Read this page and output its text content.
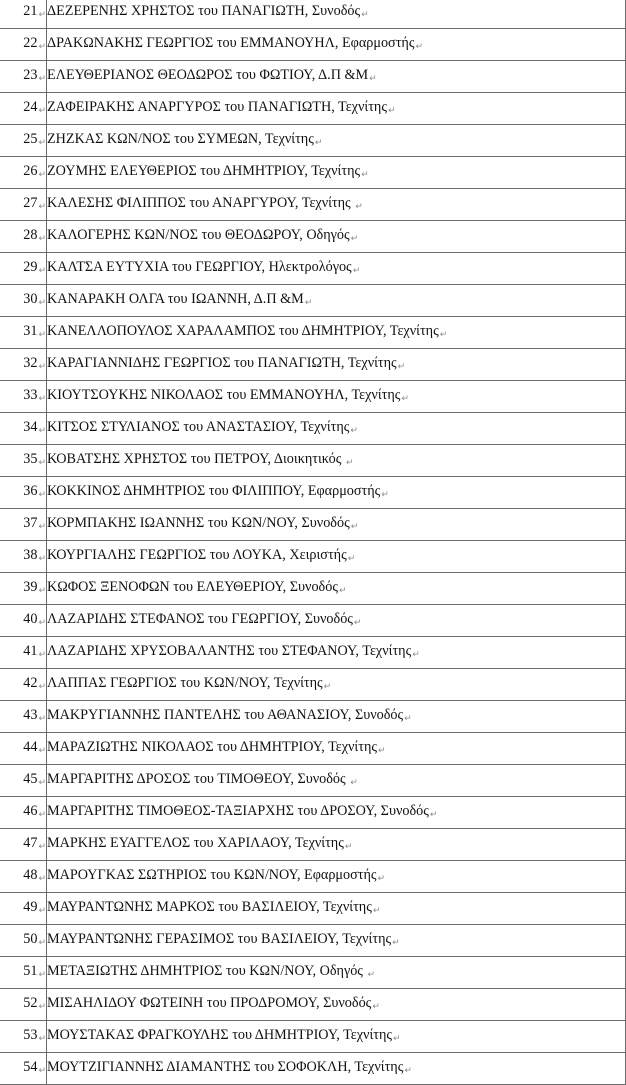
21↵	ΔΕΖΕΡΕΝΗΣ ΧΡΗΣΤΟΣ του ΠΑΝΑΓΙΩΤΗ, Συνοδός↵
22↵	ΔΡΑΚΩΝΑΚΗΣ ΓΕΩΡΓΙΟΣ του ΕΜΜΑΝΟΥΗΛ, Εφαρμοστής↵
23↵	ΕΛΕΥΘΕΡΙΑΝΟΣ ΘΕΟΔΩΡΟΣ του ΦΩΤΙΟΥ, Δ.Π &Μ↵
24↵	ΖΑΦΕΙΡΑΚΗΣ ΑΝΑΡΓΥΡΟΣ του ΠΑΝΑΓΙΩΤΗ, Τεχνίτης↵
25↵	ΖΗΖΚΑΣ ΚΩΝ/ΝΟΣ του ΣΥΜΕΩΝ, Τεχνίτης↵
26↵	ΖΟΥΜΗΣ ΕΛΕΥΘΕΡΙΟΣ του ΔΗΜΗΤΡΙΟΥ, Τεχνίτης↵
27↵	ΚΑΛΕΣΗΣ ΦΙΛΙΠΠΟΣ του ΑΝΑΡΓΥΡΟΥ, Τεχνίτης ↵
28↵	ΚΑΛΟΓΕΡΗΣ ΚΩΝ/ΝΟΣ του ΘΕΟΔΩΡΟΥ, Οδηγός↵
29↵	ΚΑΛΤΣΑ ΕΥΤΥΧΙΑ του ΓΕΩΡΓΙΟΥ, Ηλεκτρολόγος↵
30↵	ΚΑΝΑΡΑΚΗ ΟΛΓΑ του ΙΩΑΝΝΗ, Δ.Π &Μ↵
31↵	ΚΑΝΕΛΛΟΠΟΥΛΟΣ ΧΑΡΑΛΑΜΠΟΣ του ΔΗΜΗΤΡΙΟΥ, Τεχνίτης↵
32↵	ΚΑΡΑΓΙΑΝΝΙΔΗΣ ΓΕΩΡΓΙΟΣ του ΠΑΝΑΓΙΩΤΗ, Τεχνίτης↵
33↵	ΚΙΟΥΤΣΟΥΚΗΣ ΝΙΚΟΛΑΟΣ του ΕΜΜΑΝΟΥΗΛ, Τεχνίτης↵
34↵	ΚΙΤΣΟΣ ΣΤΥΛΙΑΝΟΣ του ΑΝΑΣΤΑΣΙΟΥ, Τεχνίτης↵
35↵	ΚΟΒΑΤΣΗΣ ΧΡΗΣΤΟΣ του ΠΕΤΡΟΥ, Διοικητικός ↵
36↵	ΚΟΚΚΙΝΟΣ ΔΗΜΗΤΡΙΟΣ του ΦΙΛΙΠΠΟΥ, Εφαρμοστής↵
37↵	ΚΟΡΜΠΑΚΗΣ ΙΩΑΝΝΗΣ του ΚΩΝ/ΝΟΥ, Συνοδός↵
38↵	ΚΟΥΡΓΙΑΛΗΣ ΓΕΩΡΓΙΟΣ του ΛΟΥΚΑ, Χειριστής↵
39↵	ΚΩΦΟΣ ΞΕΝΟΦΩΝ του ΕΛΕΥΘΕΡΙΟΥ, Συνοδός↵
40↵	ΛΑΖΑΡΙΔΗΣ ΣΤΕΦΑΝΟΣ του ΓΕΩΡΓΙΟΥ, Συνοδός↵
41↵	ΛΑΖΑΡΙΔΗΣ ΧΡΥΣΟΒΑΛΑΝΤΗΣ του ΣΤΕΦΑΝΟΥ, Τεχνίτης↵
42↵	ΛΑΠΠΑΣ ΓΕΩΡΓΙΟΣ του ΚΩΝ/ΝΟΥ, Τεχνίτης↵
43↵	ΜΑΚΡΥΓΙΑΝΝΗΣ ΠΑΝΤΕΛΗΣ του ΑΘΑΝΑΣΙΟΥ, Συνοδός↵
44↵	ΜΑΡΑΖΙΩΤΗΣ ΝΙΚΟΛΑΟΣ του ΔΗΜΗΤΡΙΟΥ, Τεχνίτης↵
45↵	ΜΑΡΓΑΡΙΤΗΣ ΔΡΟΣΟΣ του ΤΙΜΟΘΕΟΥ, Συνοδός ↵
46↵	ΜΑΡΓΑΡΙΤΗΣ ΤΙΜΟΘΕΟΣ-ΤΑΞΙΑΡΧΗΣ του ΔΡΟΣΟΥ, Συνοδός↵
47↵	ΜΑΡΚΗΣ ΕΥΑΓΓΕΛΟΣ του ΧΑΡΙΛΑΟΥ, Τεχνίτης↵
48↵	ΜΑΡΟΥΓΚΑΣ ΣΩΤΗΡΙΟΣ του ΚΩΝ/ΝΟΥ, Εφαρμοστής↵
49↵	ΜΑΥΡΑΝΤΩΝΗΣ ΜΑΡΚΟΣ του ΒΑΣΙΛΕΙΟΥ, Τεχνίτης↵
50↵	ΜΑΥΡΑΝΤΩΝΗΣ ΓΕΡΑΣΙΜΟΣ του ΒΑΣΙΛΕΙΟΥ, Τεχνίτης↵
51↵	ΜΕΤΑΞΙΩΤΗΣ ΔΗΜΗΤΡΙΟΣ του ΚΩΝ/ΝΟΥ, Οδηγός ↵
52↵	ΜΙΣΑΗΛΙΔΟΥ ΦΩΤΕΙΝΗ του ΠΡΟΔΡΟΜΟΥ, Συνοδός↵
53↵	ΜΟΥΣΤΑΚΑΣ ΦΡΑΓΚΟΥΛΗΣ του ΔΗΜΗΤΡΙΟΥ, Τεχνίτης↵
54↵	ΜΟΥΤΖΙΓΙΑΝΝΗΣ ΔΙΑΜΑΝΤΗΣ του ΣΟΦΟΚΛΗ, Τεχνίτης↵
